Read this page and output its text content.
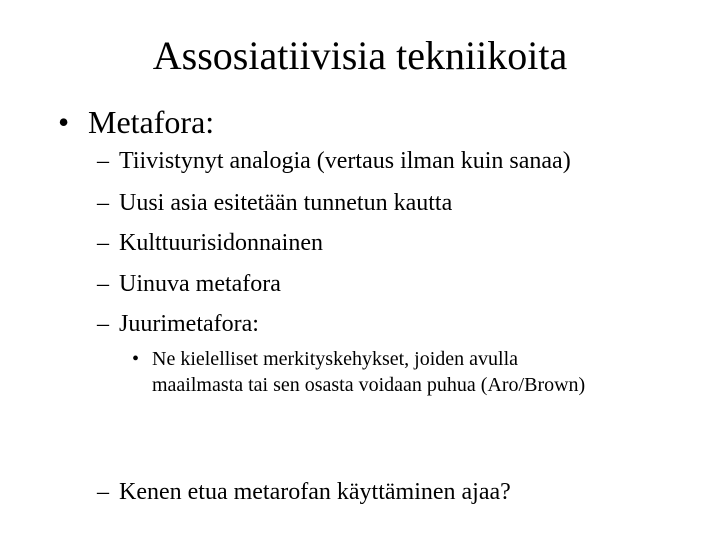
Assosiatiivisia tekniikoita
• Metafora:
– Tiivistynyt analogia (vertaus ilman kuin sanaa)
– Uusi asia esitetään tunnetun kautta
– Kulttuurisidonnainen
– Uinuva metafora
– Juurimetafora:
• Ne kielelliset merkityskehykset, joiden avulla maailmasta tai sen osasta voidaan puhua (Aro/Brown)
– Kenen etua metarofan käyttäminen ajaa?
